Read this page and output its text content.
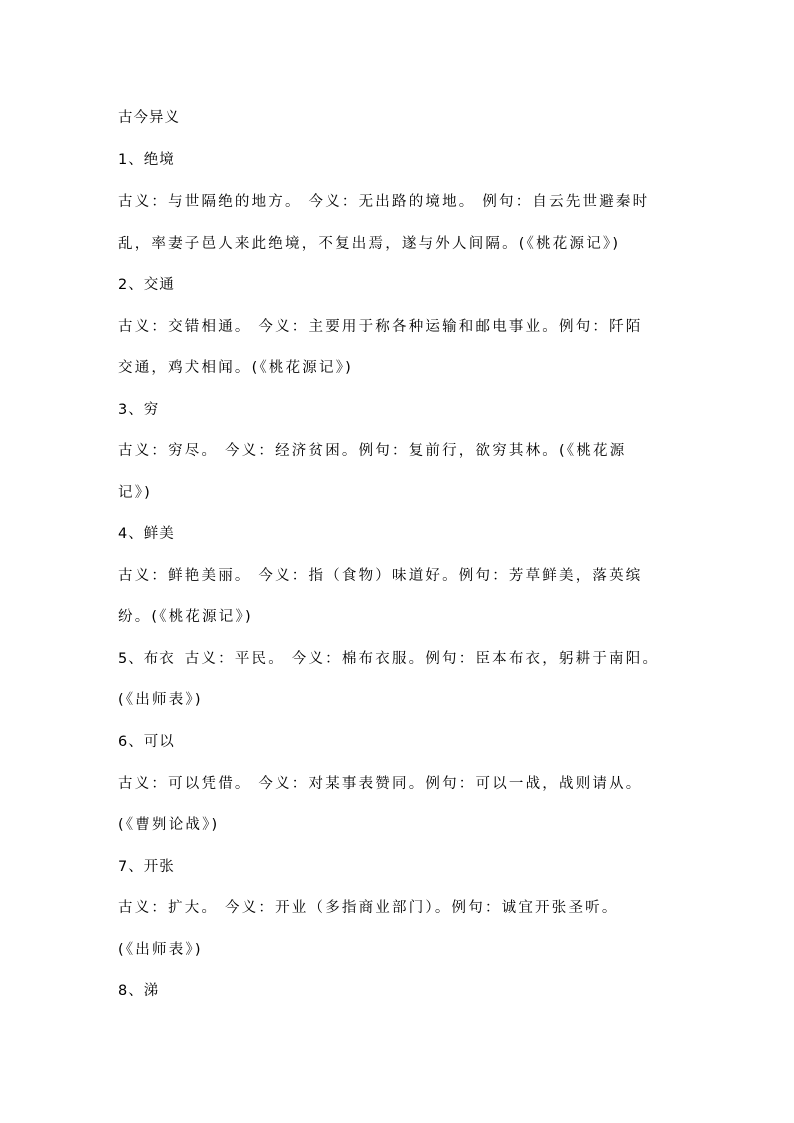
古今异义
1、绝境
古义：与世隔绝的地方。 今义：无出路的境地。 例句：自云先世避秦时
乱，率妻子邑人来此绝境，不复出焉，遂与外人间隔。(《桃花源记》)
2、交通
古义：交错相通。 今义：主要用于称各种运输和邮电事业。例句：阡陌
交通，鸡犬相闻。(《桃花源记》)
3、穷
古义：穷尽。 今义：经济贫困。例句：复前行，欲穷其林。(《桃花源
记》)
4、鲜美
古义：鲜艳美丽。 今义：指（食物）味道好。例句：芳草鲜美，落英缤
纷。(《桃花源记》)
5、布衣 古义：平民。 今义：棉布衣服。例句：臣本布衣，躬耕于南阳。
(《出师表》)
6、可以
古义：可以凭借。 今义：对某事表赞同。例句：可以一战，战则请从。
(《曹刿论战》)
7、开张
古义：扩大。 今义：开业（多指商业部门）。例句：诚宜开张圣听。
(《出师表》)
8、涕
